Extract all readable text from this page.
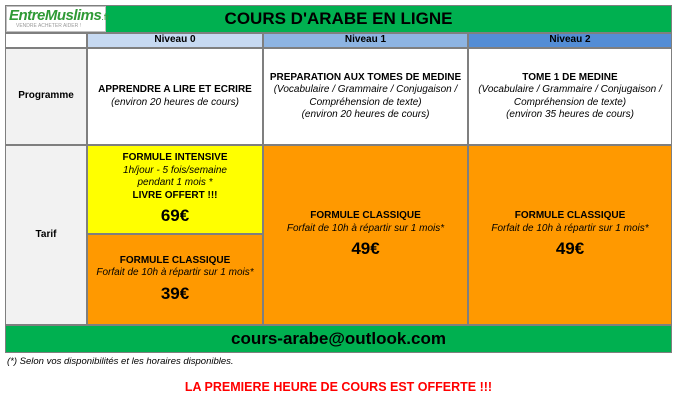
COURS D'ARABE EN LIGNE
EntreMuslims.fr
VENDRE ACHETER AIDER !
Niveau 0	Niveau 1	Niveau 2
Programme
APPRENDRE A LIRE ET ECRIRE
(environ 20 heures de cours)
PREPARATION AUX TOMES DE MEDINE
(Vocabulaire / Grammaire / Conjugaison /
Compréhension de texte)
(environ 20 heures de cours)
TOME 1 DE MEDINE
(Vocabulaire / Grammaire / Conjugaison /
Compréhension de texte)
(environ 35 heures de cours)
Tarif
FORMULE INTENSIVE
1h/jour - 5 fois/semaine
pendant 1 mois *
LIVRE OFFERT !!!
69€
FORMULE CLASSIQUE
Forfait de 10h à répartir sur 1 mois*
39€
FORMULE CLASSIQUE
Forfait de 10h à répartir sur 1 mois*
49€
FORMULE CLASSIQUE
Forfait de 10h à répartir sur 1 mois*
49€
cours-arabe@outlook.com
(*) Selon vos disponibilités et les horaires disponibles.
LA PREMIERE HEURE DE COURS EST OFFERTE !!!
